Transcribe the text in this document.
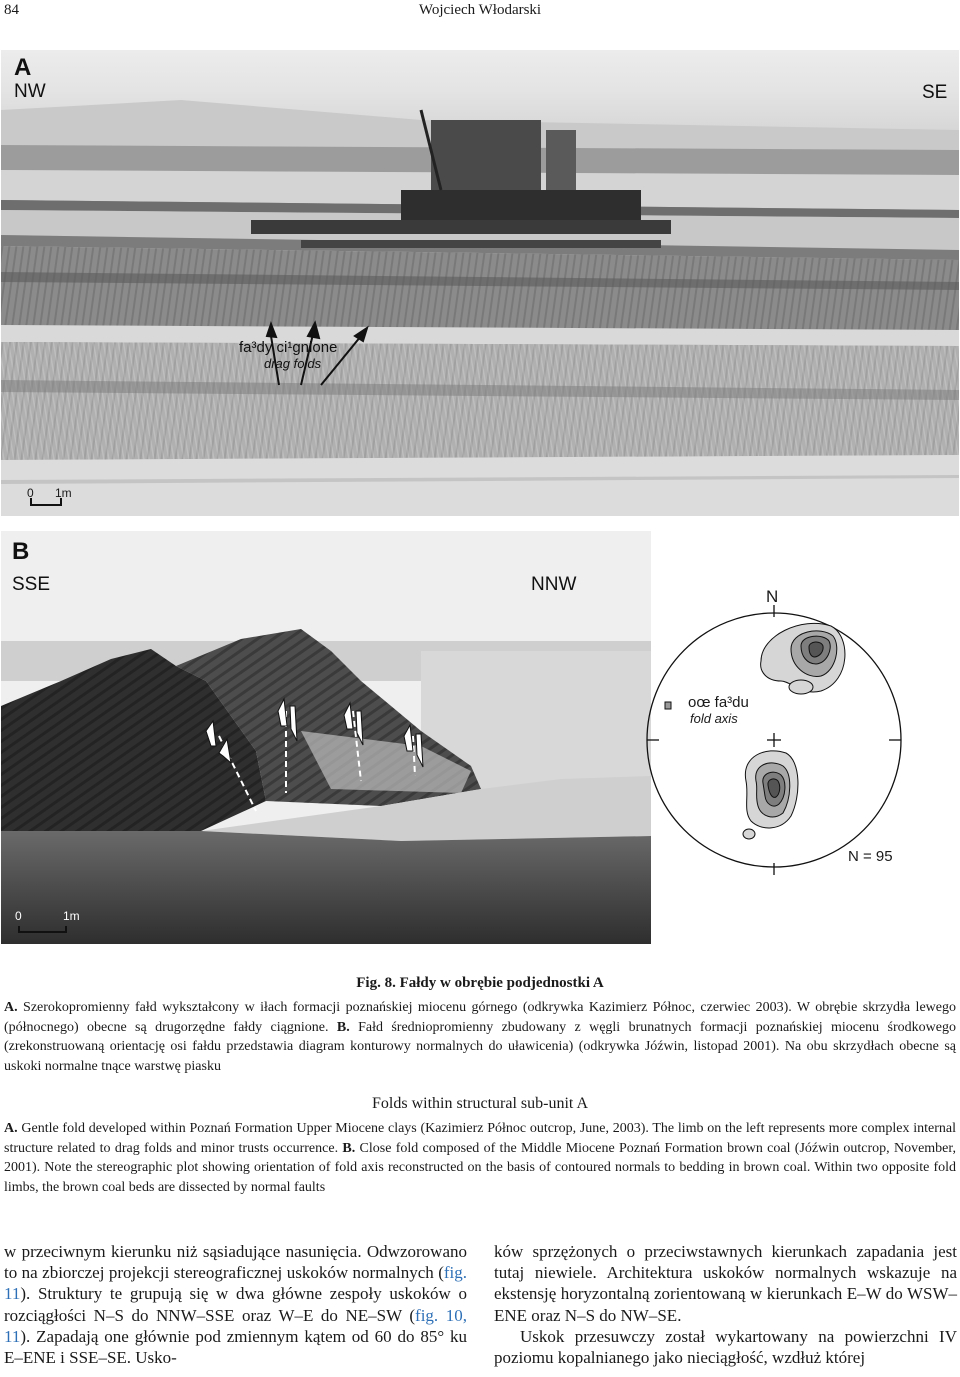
84	Wojciech Włodarski
A
NW	SE
fa³dy ci¹gnione
drag folds
0 1m
B
SSE	NNW
N
oœ fa³du
fold axis
N = 95
0	1m
Fig. 8. Fałdy w obrębie podjednostki A
A. Szerokopromienny fałd wykształcony w iłach formacji poznańskiej miocenu górnego (odkrywka Kazimierz Północ, czerwiec 2003). W obrębie skrzydła lewego (północnego) obecne są drugorzędne fałdy ciągnione. B. Fałd średniopromienny zbudowany z węgli brunatnych formacji poznańskiej miocenu środkowego (zrekonstruowaną orientację osi fałdu przedstawia diagram konturowy normalnych do uławicenia) (odkrywka Jóźwin, listopad 2001). Na obu skrzydłach obecne są uskoki normalne tnące warstwę piasku
Folds within structural sub-unit A
A. Gentle fold developed within Poznań Formation Upper Miocene clays (Kazimierz Północ outcrop, June, 2003). The limb on the left represents more complex internal structure related to drag folds and minor trusts occurrence. B. Close fold composed of the Middle Miocene Poznań Formation brown coal (Jóźwin outcrop, November, 2001). Note the stereographic plot showing orientation of fold axis reconstructed on the basis of contoured normals to bedding in brown coal. Within two opposite fold limbs, the brown coal beds are dissected by normal faults
w przeciwnym kierunku niż sąsiadujące nasunięcia. Odwzorowano to na zbiorczej projekcji stereograficznej uskoków normalnych (fig. 11). Struktury te grupują się w dwa główne zespoły uskoków o rozciągłości N–S do NNW–SSE oraz W–E do NE–SW (fig. 10, 11). Zapadają one głównie pod zmiennym kątem od 60 do 85° ku E–ENE i SSE–SE. Usko-
ków sprzężonych o przeciwstawnych kierunkach zapadania jest tutaj niewiele. Architektura uskoków normalnych wskazuje na ekstensję horyzontalną zorientowaną w kierunkach E–W do WSW–ENE oraz N–S do NW–SE.
Uskok przesuwczy został wykartowany na powierzchni IV poziomu kopalnianego jako nieciągłość, wzdłuż której
